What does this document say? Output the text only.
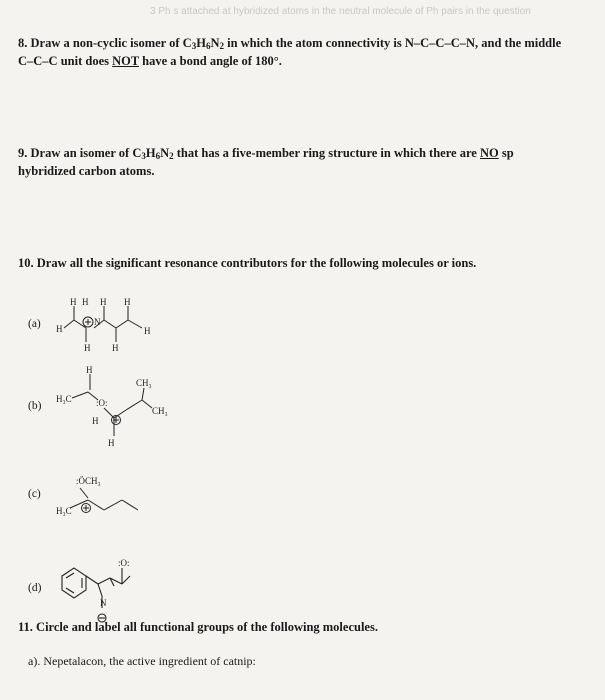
3 Ph s attached at hybridized atoms in the neutral molecule of Ph pairs in the question
8. Draw a non-cyclic isomer of $C_3H_6N_2$ in which the atom connectivity is N–C–C–C–N, and the middle C–C–C unit does NOT have a bond angle of 180°.
9. Draw an isomer of $C_3H_6N_2$ that has a five-member ring structure in which there are NO sp
hybridized carbon atoms.
10. Draw all the significant resonance contributors for the following molecules or ions.
(a)
(b)
(c)
(d)
H
H H
N
H H
H H
H
H
H₃C	:O:
H
H
CH₃
CH₃
:ÖCH₃
H₃C
:O:
N
11. Circle and label all functional groups of the following molecules.
a). Nepetalacon, the active ingredient of catnip:
